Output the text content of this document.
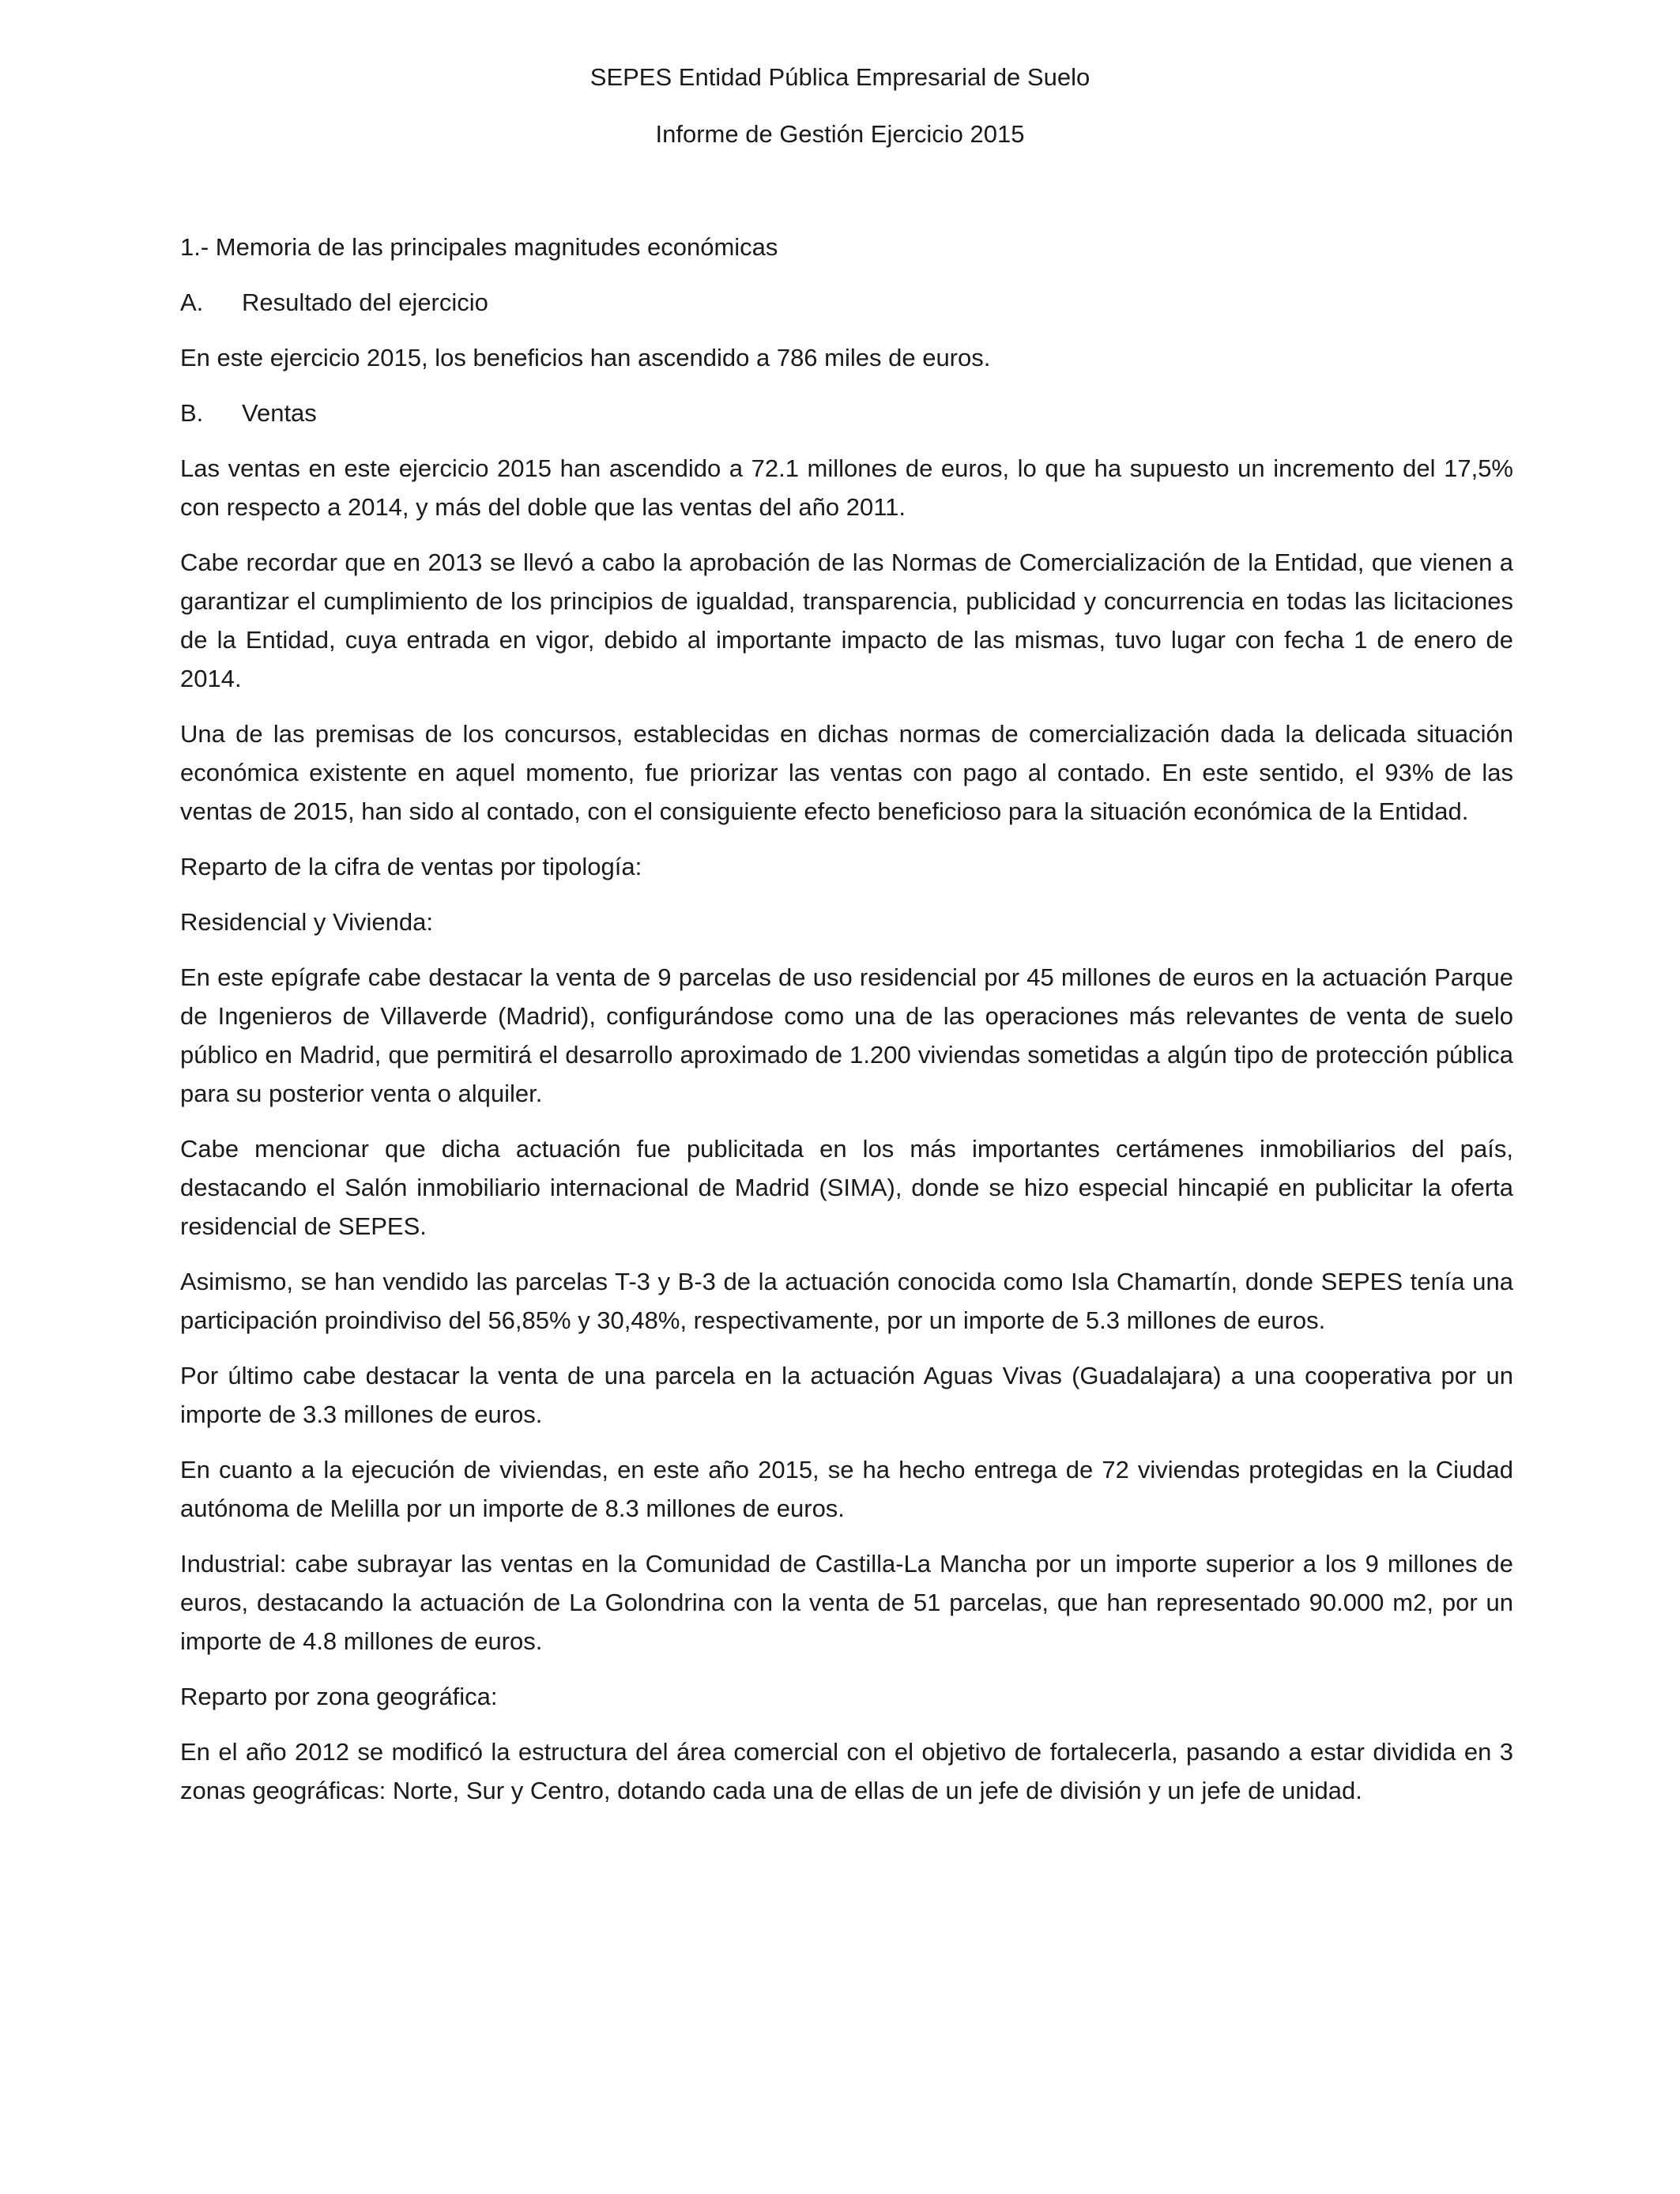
SEPES Entidad Pública Empresarial de Suelo
Informe de Gestión Ejercicio 2015

1.- Memoria de las principales magnitudes económicas

A.	Resultado del ejercicio

En este ejercicio 2015, los beneficios han ascendido a 786 miles de euros.

B.	Ventas

Las ventas en este ejercicio 2015 han ascendido a 72.1 millones de euros, lo que ha supuesto un incremento del 17,5% con respecto a 2014, y más del doble que las ventas del año 2011.

Cabe recordar que en 2013 se llevó a cabo la aprobación de las Normas de Comercialización de la Entidad, que vienen a garantizar el cumplimiento de los principios de igualdad, transparencia, publicidad y concurrencia en todas las licitaciones de la Entidad, cuya entrada en vigor, debido al importante impacto de las mismas, tuvo lugar con fecha 1 de enero de 2014.

Una de las premisas de los concursos, establecidas en dichas normas de comercialización dada la delicada situación económica existente en aquel momento, fue priorizar las ventas con pago al contado. En este sentido, el 93% de las ventas de 2015, han sido al contado, con el consiguiente efecto beneficioso para la situación económica de la Entidad.

Reparto de la cifra de ventas por tipología:

Residencial y Vivienda:

En este epígrafe cabe destacar la venta de 9 parcelas de uso residencial por 45 millones de euros en la actuación Parque de Ingenieros de Villaverde (Madrid), configurándose como una de las operaciones más relevantes de venta de suelo público en Madrid, que permitirá el desarrollo aproximado de 1.200 viviendas sometidas a algún tipo de protección pública para su posterior venta o alquiler.

Cabe mencionar que dicha actuación fue publicitada en los más importantes certámenes inmobiliarios del país, destacando el Salón inmobiliario internacional de Madrid (SIMA), donde se hizo especial hincapié en publicitar la oferta residencial de SEPES.

Asimismo, se han vendido las parcelas T-3 y B-3 de la actuación conocida como Isla Chamartín, donde SEPES tenía una participación proindiviso del 56,85% y 30,48%, respectivamente, por un importe de 5.3 millones de euros.

Por último cabe destacar la venta de una parcela en la actuación Aguas Vivas (Guadalajara) a una cooperativa por un importe de 3.3 millones de euros.

En cuanto a la ejecución de viviendas, en este año 2015, se ha hecho entrega de 72 viviendas protegidas en la Ciudad autónoma de Melilla por un importe de 8.3 millones de euros.

Industrial: cabe subrayar las ventas en la Comunidad de Castilla-La Mancha por un importe superior a los 9 millones de euros, destacando la actuación de La Golondrina con la venta de 51 parcelas, que han representado 90.000 m2, por un importe de 4.8 millones de euros.

Reparto por zona geográfica:

En el año 2012 se modificó la estructura del área comercial con el objetivo de fortalecerla, pasando a estar dividida en 3 zonas geográficas: Norte, Sur y Centro, dotando cada una de ellas de un jefe de división y un jefe de unidad.
